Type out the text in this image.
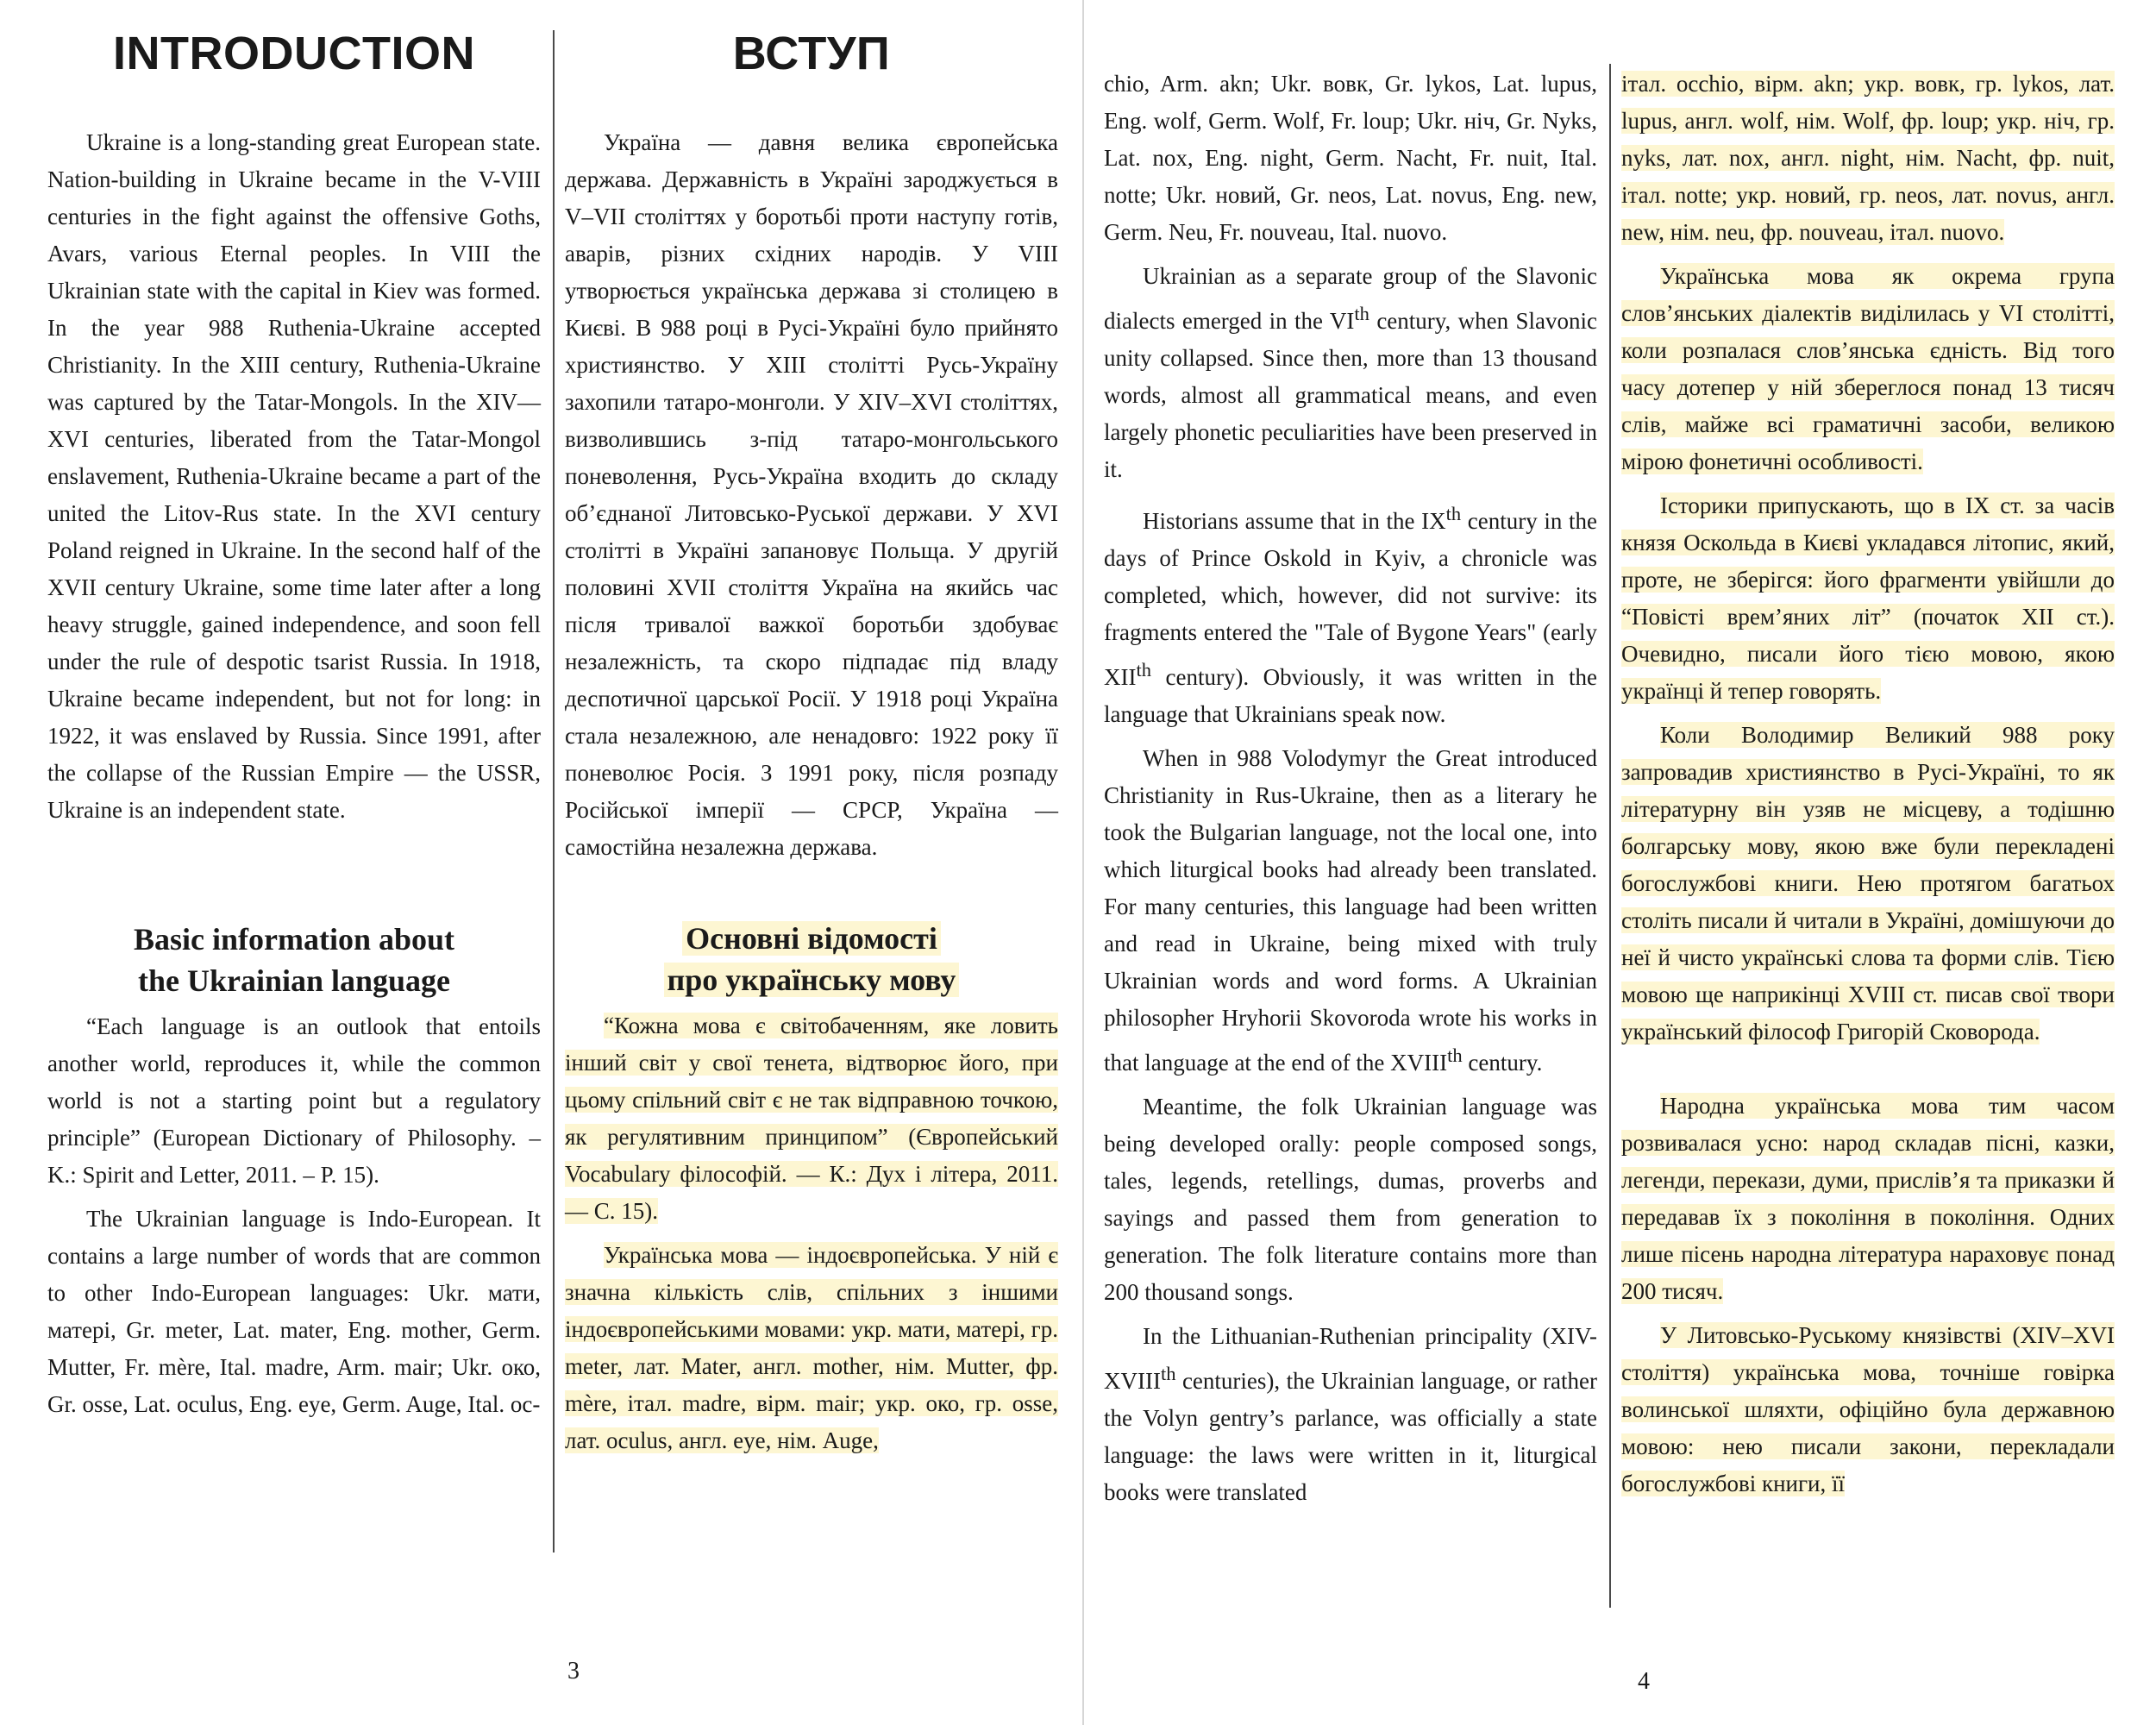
INTRODUCTION

Ukraine is a long-standing great European state. Nation-building in Ukraine became in the V-VIII centuries in the fight against the offensive Goths, Avars, various Eternal peoples. In VIII the Ukrainian state with the capital in Kiev was formed. In the year 988 Ruthenia-Ukraine accepted Christianity. In the XIII century, Ruthenia-Ukraine was captured by the Tatar-Mongols. In the XIV—XVI centuries, liberated from the Tatar-Mongol enslavement, Ruthenia-Ukraine became a part of the united the Litov-Rus state. In the XVI century Poland reigned in Ukraine. In the second half of the XVII century Ukraine, some time later after a long heavy struggle, gained independence, and soon fell under the rule of despotic tsarist Russia. In 1918, Ukraine became independent, but not for long: in 1922, it was enslaved by Russia. Since 1991, after the collapse of the Russian Empire — the USSR, Ukraine is an independent state.

Basic information about
the Ukrainian language

“Each language is an outlook that entoils another world, reproduces it, while the common world is not a starting point but a regulatory principle” (European Dictionary of Philosophy. – K.: Spirit and Letter, 2011. – P. 15).

The Ukrainian language is Indo-European. It contains a large number of words that are common to other Indo-European languages: Ukr. мати, матері, Gr. meter, Lat. mater, Eng. mother, Germ. Mutter, Fr. mère, Ital. madre, Arm. mair; Ukr. око, Gr. osse, Lat. oculus, Eng. eye, Germ. Auge, Ital. oc-

ВСТУП

Україна — давня велика європейська держава. Державність в Україні зароджується в V–VII століттях у боротьбі проти наступу готів, аварів, різних східних народів. У VIII утворюється українська держава зі столицею в Києві. В 988 році в Русі-Україні було прийнято християнство. У XIII столітті Русь-Україну захопили татаро-монголи. У XIV–XVI століттях, визволившись з-під татаро-монгольського поневолення, Русь-Україна входить до складу об’єднаної Литовсько-Руської держави. У XVI столітті в Україні запановує Польща. У другій половині XVII століття Україна на якийсь час після тривалої важкої боротьби здобуває незалежність, та скоро підпадає під владу деспотичної царської Росії. У 1918 році Україна стала незалежною, але ненадовго: 1922 року її поневолює Росія. З 1991 року, після розпаду Російської імперії — СРСР, Україна — самостійна незалежна держава.

Основні відомості
про українську мову

“Кожна мова є світобаченням, яке ловить інший світ у свої тенета, відтворює його, при цьому спільний світ є не так відправною точкою, як регулятивним принципом” (Європейський Vocabulary філософій. — К.: Дух і літера, 2011. — С. 15).

Українська мова — індоєвропейська. У ній є значна кількість слів, спільних з іншими індоєвропейськими мовами: укр. мати, матері, гр. meter, лат. Mater, англ. mother, нім. Mutter, фр. mère, італ. madre, вірм. mair; укр. око, гр. osse, лат. oculus, англ. eye, нім. Auge,

3

chio, Arm. akn; Ukr. вовк, Gr. lykos, Lat. lupus, Eng. wolf, Germ. Wolf, Fr. loup; Ukr. ніч, Gr. Nyks, Lat. nox, Eng. night, Germ. Nacht, Fr. nuit, Ital. notte; Ukr. новий, Gr. neos, Lat. novus, Eng. new, Germ. Neu, Fr. nouveau, Ital. nuovo.

Ukrainian as a separate group of the Slavonic dialects emerged in the VIth century, when Slavonic unity collapsed. Since then, more than 13 thousand words, almost all grammatical means, and even largely phonetic peculiarities have been preserved in it.

Historians assume that in the IXth century in the days of Prince Oskold in Kyiv, a chronicle was completed, which, however, did not survive: its fragments entered the "Tale of Bygone Years" (early XIIth century). Obviously, it was written in the language that Ukrainians speak now.

When in 988 Volodymyr the Great introduced Christianity in Rus-Ukraine, then as a literary he took the Bulgarian language, not the local one, into which liturgical books had already been translated. For many centuries, this language had been written and read in Ukraine, being mixed with truly Ukrainian words and word forms. A Ukrainian philosopher Hryhorii Skovoroda wrote his works in that language at the end of the XVIIIth century.

Meantime, the folk Ukrainian language was being developed orally: people composed songs, tales, legends, retellings, dumas, proverbs and sayings and passed them from generation to generation. The folk literature contains more than 200 thousand songs.

In the Lithuanian-Ruthenian principality (XIV-XVIIIth centuries), the Ukrainian language, or rather the Volyn gentry’s parlance, was officially a state language: the laws were written in it, liturgical books were translated

італ. occhio, вірм. akn; укр. вовк, гр. lykos, лат. lupus, англ. wolf, нім. Wolf, фр. loup; укр. ніч, гр. nyks, лат. nox, англ. night, нім. Nacht, фр. nuit, італ. notte; укр. новий, гр. neos, лат. novus, англ. new, нім. neu, фр. nouveau, італ. nuovo.

Українська мова як окрема група слов’янських діалектів виділилась у VI столітті, коли розпалася слов’янська єдність. Від того часу дотепер у ній збереглося понад 13 тисяч слів, майже всі граматичні засоби, великою мірою фонетичні особливості.

Історики припускають, що в IX ст. за часів князя Оскольда в Києві укладався літопис, який, проте, не зберігся: його фрагменти увійшли до “Повісті врем’яних літ” (початок XII ст.). Очевидно, писали його тією мовою, якою українці й тепер говорять.

Коли Володимир Великий 988 року запровадив християнство в Русі-Україні, то як літературну він узяв не місцеву, а тодішню болгарську мову, якою вже були перекладені богослужбові книги. Нею протягом багатьох століть писали й читали в Україні, домішуючи до неї й чисто українські слова та форми слів. Тією мовою ще наприкінці XVIII ст. писав свої твори український філософ Григорій Сковорода.

Народна українська мова тим часом розвивалася усно: народ складав пісні, казки, легенди, перекази, думи, прислів’я та приказки й передавав їх з покоління в покоління. Одних лише пісень народна література нараховує понад 200 тисяч.

У Литовсько-Руському князівстві (XIV–XVI століття) українська мова, точніше говірка волинської шляхти, офіційно була державною мовою: нею писали закони, перекладали богослужбові книги, її

4
